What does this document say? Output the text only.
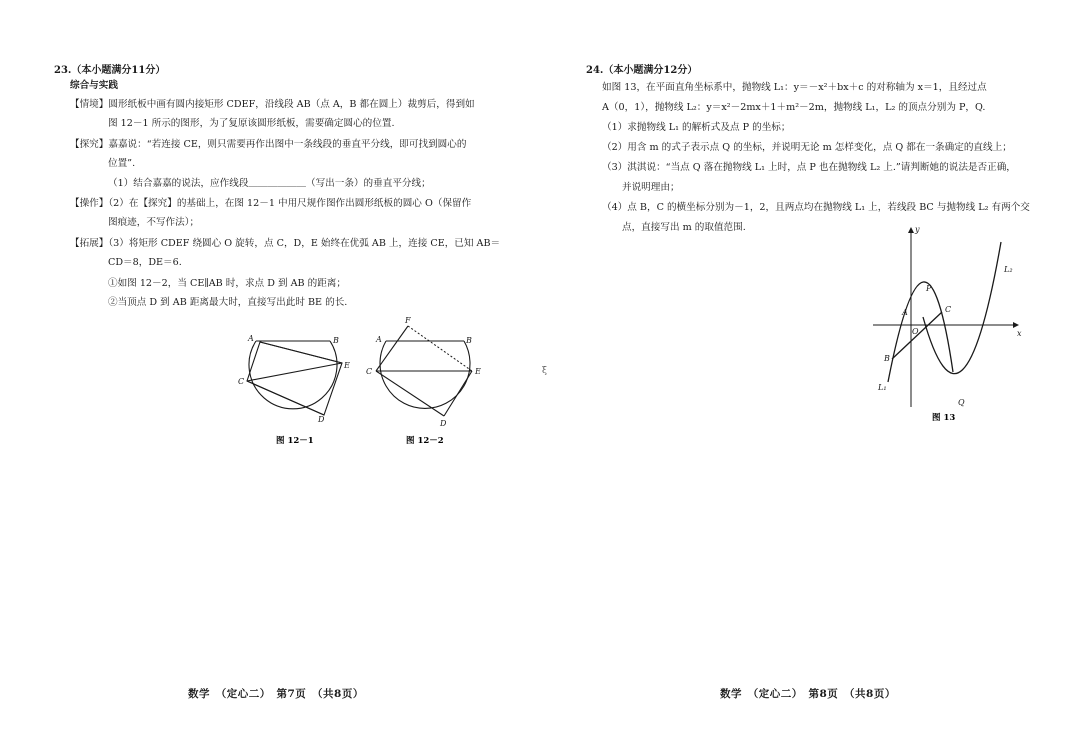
23.（本小题满分11分）
综合与实践
【情境】圆形纸板中画有圆内接矩形 CDEF，沿线段 AB（点 A，B 都在圆上）裁剪后，得到如
图 12－1 所示的图形，为了复原该圆形纸板，需要确定圆心的位置.
【探究】嘉嘉说：“若连接 CE，则只需要再作出图中一条线段的垂直平分线，即可找到圆心的
位置”.
（1）结合嘉嘉的说法，应作线段＿＿＿＿＿＿（写出一条）的垂直平分线；
【操作】（2）在【探究】的基础上，在图 12－1 中用尺规作图作出圆形纸板的圆心 O（保留作
图痕迹，不写作法）；
【拓展】（3）将矩形 CDEF 绕圆心 O 旋转，点 C，D，E 始终在优弧 AB 上，连接 CE，已知 AB＝
CD＝8，DE＝6.
①如图 12－2，当 CE∥AB 时，求点 D 到 AB 的距离；
②当顶点 D 到 AB 距离最大时，直接写出此时 BE 的长.
A	B
C
E
D
图 12－1
F
A	B
C	E
D
图 12－2
数学　（定心二）　第7页　（共8页）
ξ
24.（本小题满分12分）
如图 13，在平面直角坐标系中，抛物线 L₁：y＝－x²＋bx＋c 的对称轴为 x＝1，且经过点
A（0，1），抛物线 L₂：y＝x²－2mx＋1＋m²－2m，抛物线 L₁，L₂ 的顶点分别为 P，Q.
（1）求抛物线 L₁ 的解析式及点 P 的坐标；
（2）用含 m 的式子表示点 Q 的坐标，并说明无论 m 怎样变化，点 Q 都在一条确定的直线上；
（3）淇淇说：“当点 Q 落在抛物线 L₁ 上时，点 P 也在抛物线 L₂ 上.”请判断她的说法是否正确，
并说明理由；
（4）点 B，C 的横坐标分别为－1，2，且两点均在抛物线 L₁ 上，若线段 BC 与抛物线 L₂ 有两个交
点，直接写出 m 的取值范围.	y
x
O
A
P
C
B
Q
L₁
L₂
图 13
数学　（定心二）　第8页　（共8页）
